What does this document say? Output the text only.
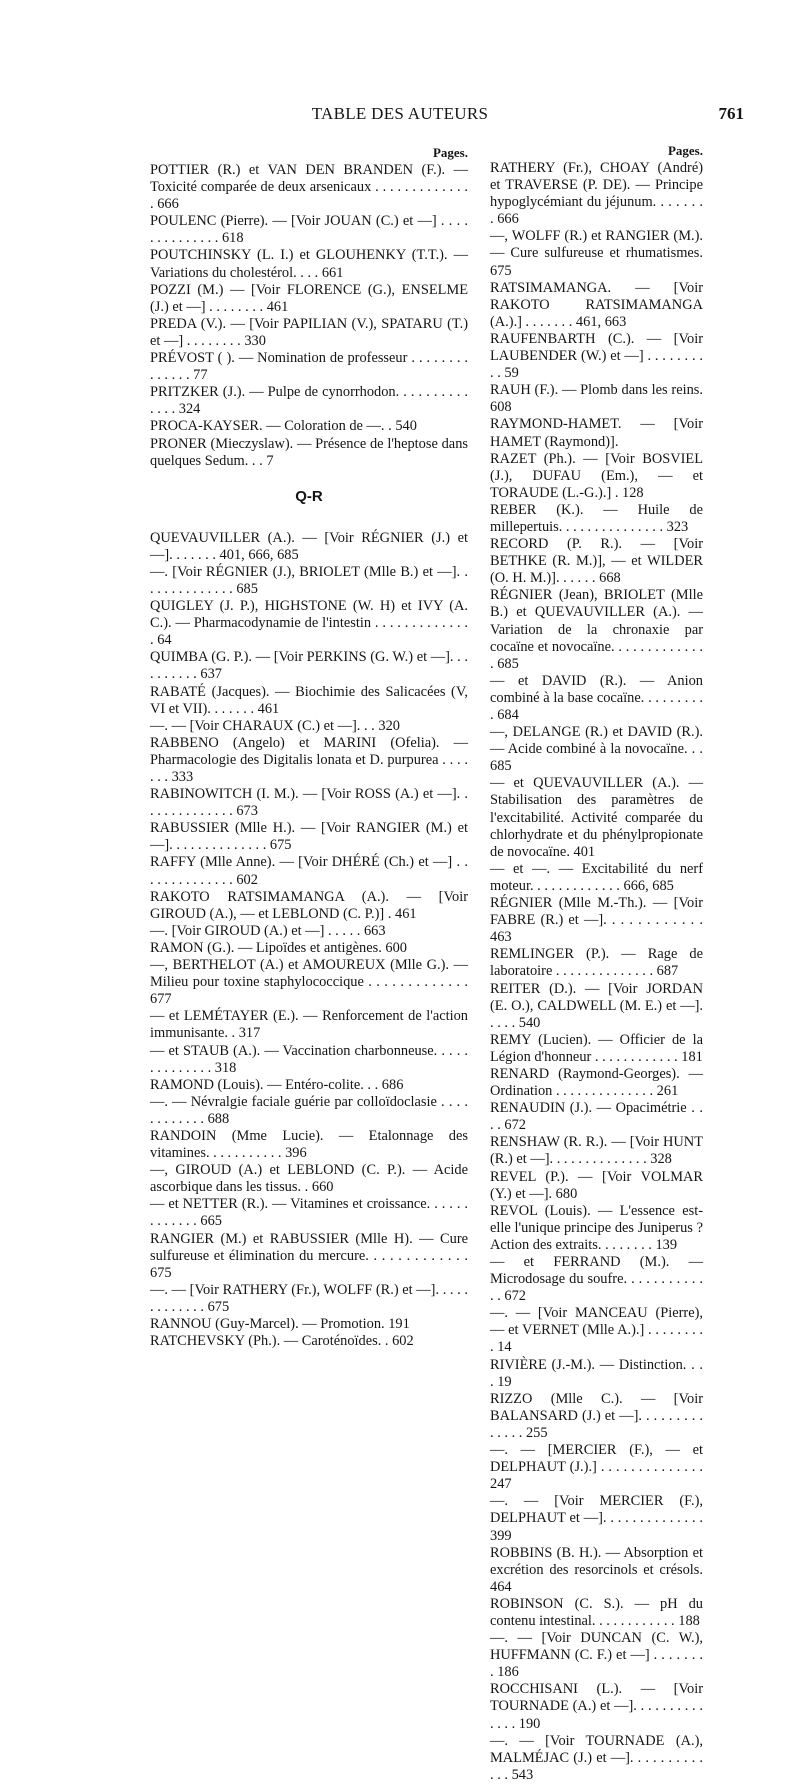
TABLE DES AUTEURS	761
Pages.
POTTIER (R.) et VAN DEN BRANDEN (F.). — Toxicité comparée de deux arsenicaux . . . . . . . . . . . . . . 666
POULENC (Pierre). — [Voir JOUAN (C.) et —] . . . . . . . . . . . . . . 618
POUTCHINSKY (L. I.) et GLOUHENKY (T.T.). — Variations du cholestérol. . . . 661
POZZI (M.) — [Voir FLORENCE (G.), ENSELME (J.) et —] . . . . . . . . 461
PREDA (V.). — [Voir PAPILIAN (V.), SPATARU (T.) et —] . . . . . . . . 330
PRÉVOST ( ). — Nomination de professeur . . . . . . . . . . . . . . 77
PRITZKER (J.). — Pulpe de cynorrhodon. . . . . . . . . . . . . . 324
PROCA-KAYSER. — Coloration de —. . 540
PRONER (Mieczyslaw). — Présence de l'heptose dans quelques Sedum. . . 7
Q-R
QUEVAUVILLER (A.). — [Voir RÉGNIER (J.) et —]. . . . . . . 401, 666, 685
—. [Voir RÉGNIER (J.), BRIOLET (Mlle B.) et —]. . . . . . . . . . . . . . 685
QUIGLEY (J. P.), HIGHSTONE (W. H) et IVY (A. C.). — Pharmacodynamie de l'intestin . . . . . . . . . . . . . . 64
QUIMBA (G. P.). — [Voir PERKINS (G. W.) et —]. . . . . . . . . . 637
RABATÉ (Jacques). — Biochimie des Salicacées (V, VI et VII). . . . . . . 461
—. — [Voir CHARAUX (C.) et —]. . . 320
RABBENO (Angelo) et MARINI (Ofelia). — Pharmacologie des Digitalis lonata et D. purpurea . . . . . . . 333
RABINOWITCH (I. M.). — [Voir ROSS (A.) et —]. . . . . . . . . . . . . . 673
RABUSSIER (Mlle H.). — [Voir RANGIER (M.) et —]. . . . . . . . . . . . . . 675
RAFFY (Mlle Anne). — [Voir DHÉRÉ (Ch.) et —] . . . . . . . . . . . . . . 602
RAKOTO RATSIMAMANGA (A.). — [Voir GIROUD (A.), — et LEBLOND (C. P.)] . 461
—. [Voir GIROUD (A.) et —] . . . . . 663
RAMON (G.). — Lipoïdes et antigènes. 600
—, BERTHELOT (A.) et AMOUREUX (Mlle G.). — Milieu pour toxine staphylococcique . . . . . . . . . . . . . 677
— et LEMÉTAYER (E.). — Renforcement de l'action immunisante. . 317
— et STAUB (A.). — Vaccination charbonneuse. . . . . . . . . . . . . . 318
RAMOND (Louis). — Entéro-colite. . . 686
—. — Névralgie faciale guérie par colloïdoclasie . . . . . . . . . . . . 688
RANDOIN (Mme Lucie). — Etalonnage des vitamines. . . . . . . . . . . 396
—, GIROUD (A.) et LEBLOND (C. P.). — Acide ascorbique dans les tissus. . 660
— et NETTER (R.). — Vitamines et croissance. . . . . . . . . . . . . 665
RANGIER (M.) et RABUSSIER (Mlle H). — Cure sulfureuse et élimination du mercure. . . . . . . . . . . . . 675
—. — [Voir RATHERY (Fr.), WOLFF (R.) et —]. . . . . . . . . . . . . 675
RANNOU (Guy-Marcel). — Promotion. 191
RATCHEVSKY (Ph.). — Caroténoïdes. . 602
Pages.
RATHERY (Fr.), CHOAY (André) et TRAVERSE (P. DE). — Principe hypoglycémiant du jéjunum. . . . . . . . 666
—, WOLFF (R.) et RANGIER (M.). — Cure sulfureuse et rhumatismes. 675
RATSIMAMANGA. — [Voir RAKOTO RATSIMAMANGA (A.).] . . . . . . . 461, 663
RAUFENBARTH (C.). — [Voir LAUBENDER (W.) et —] . . . . . . . . . . 59
RAUH (F.). — Plomb dans les reins. 608
RAYMOND-HAMET. — [Voir HAMET (Raymond)].
RAZET (Ph.). — [Voir BOSVIEL (J.), DUFAU (Em.), — et TORAUDE (L.-G.).] . 128
REBER (K.). — Huile de millepertuis. . . . . . . . . . . . . . . 323
RECORD (P. R.). — [Voir BETHKE (R. M.)], — et WILDER (O. H. M.)]. . . . . . 668
RÉGNIER (Jean), BRIOLET (Mlle B.) et QUEVAUVILLER (A.). — Variation de la chronaxie par cocaïne et novocaïne. . . . . . . . . . . . . . 685
— et DAVID (R.). — Anion combiné à la base cocaïne. . . . . . . . . . 684
—, DELANGE (R.) et DAVID (R.). — Acide combiné à la novocaïne. . . 685
— et QUEVAUVILLER (A.). — Stabilisation des paramètres de l'excitabilité. Activité comparée du chlorhydrate et du phénylpropionate de novocaïne. 401
— et —. — Excitabilité du nerf moteur. . . . . . . . . . . . . 666, 685
RÉGNIER (Mlle M.-Th.). — [Voir FABRE (R.) et —]. . . . . . . . . . . . 463
REMLINGER (P.). — Rage de laboratoire . . . . . . . . . . . . . . 687
REITER (D.). — [Voir JORDAN (E. O.), CALDWELL (M. E.) et —]. . . . . 540
REMY (Lucien). — Officier de la Légion d'honneur . . . . . . . . . . . . 181
RENARD (Raymond-Georges). — Ordination . . . . . . . . . . . . . . 261
RENAUDIN (J.). — Opacimétrie . . . . 672
RENSHAW (R. R.). — [Voir HUNT (R.) et —]. . . . . . . . . . . . . . 328
REVEL (P.). — [Voir VOLMAR (Y.) et —]. 680
REVOL (Louis). — L'essence est-elle l'unique principe des Juniperus ? Action des extraits. . . . . . . . 139
— et FERRAND (M.). — Microdosage du soufre. . . . . . . . . . . . . 672
—. — [Voir MANCEAU (Pierre), — et VERNET (Mlle A.).] . . . . . . . . . 14
RIVIÈRE (J.-M.). — Distinction. . . . 19
RIZZO (Mlle C.). — [Voir BALANSARD (J.) et —]. . . . . . . . . . . . . . 255
—. — [MERCIER (F.), — et DELPHAUT (J.).] . . . . . . . . . . . . . . 247
—. — [Voir MERCIER (F.), DELPHAUT et —]. . . . . . . . . . . . . . 399
ROBBINS (B. H.). — Absorption et excrétion des resorcinols et crésols. 464
ROBINSON (C. S.). — pH du contenu intestinal. . . . . . . . . . . . 188
—. — [Voir DUNCAN (C. W.), HUFFMANN (C. F.) et —] . . . . . . . . 186
ROCCHISANI (L.). — [Voir TOURNADE (A.) et —]. . . . . . . . . . . . . . 190
—. — [Voir TOURNADE (A.), MALMÉJAC (J.) et —]. . . . . . . . . . . . . 543
